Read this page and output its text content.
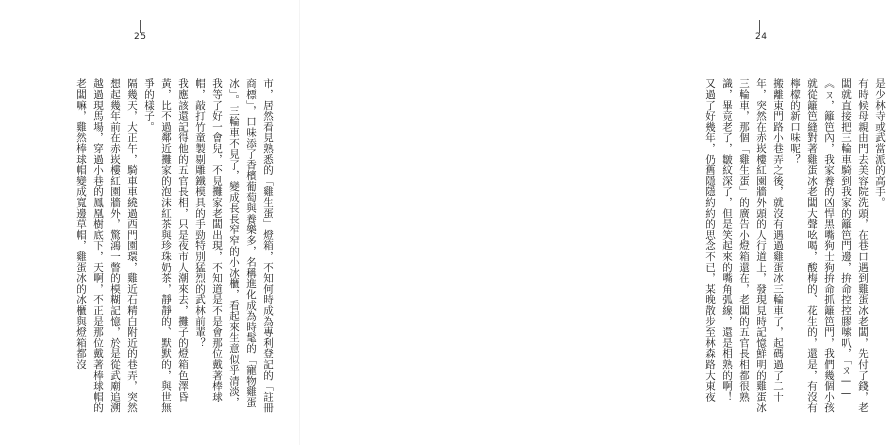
25

市，居然看見熟悉的「雞生蛋」燈箱，不知何時成為專利登記的「註冊商標」，口味添了香檳葡萄與養樂多，名稱進化成為時髦的「寵物雞蛋冰」。三輪車不見了，變成長長窄窄的小冰櫃，看起來生意似乎清淡，我等了好一會兒，不見攤家老闆出現，不知道是不是會那位戴著棒球帽，敲打竹童製剔雕鐵模具的手勁特別猛烈的武林前輩？

我應該還記得他的五官長相，只是夜市人潮來去，攤子的燈箱色澤昏黃，比不過鄰近攤家的泡沫紅茶與珍珠奶茶，靜靜的、默默的，與世無爭的樣子。

隔幾天，大正午，騎車車繞過西門園環，雞近石精白附近的巷弄，突然想起幾年前在赤崁樓紅園牆外，驚鴻一瞥的模糊記憶，於是從武廟追溯越過現馬場，穿過小巷的鳳凰樹底下，天啊，不正是那位戴著棒球帽的老闆嘛，雞然棒球帽變成寬邊草帽，雞蛋冰的冰櫃與燈箱都沒

24

是少林寺或武當派的高手。

有時候母親由門去美容院洗頭，在巷口遇到雞蛋冰老闆，先付了錢，老闆就直接把三輪車騎到我家的籬笆門邊，拚命控控膠嗦叭，「ㄡ——《ㄡ，籬笆內，我家養的凶悍黑嘴狗士狗拚命抓籬笆門，我們幾個小孩就從籬笆縫對著雞蛋冰老闆大聲吆喝，酸梅的、花生的，還是，有沒有檸檬的新口味呢？

搬離東門路小巷弄之後，就沒有遇過雞蛋冰三輪車了，起碼過了二十年，突然在赤崁樓紅園牆外頭的人行道上，發現見時記憶鮮明的雞蛋冰三輪車，那個「雞生蛋」的廣告小燈箱還在，老闆的五官長相都很熟識，畢竟老了，皺紋深了，但是笑起來的嘴角弧線，還是相熟的啊！

又過了好幾年，仍舊隱隱約約的思念不已，某晚散步至林森路大東夜
